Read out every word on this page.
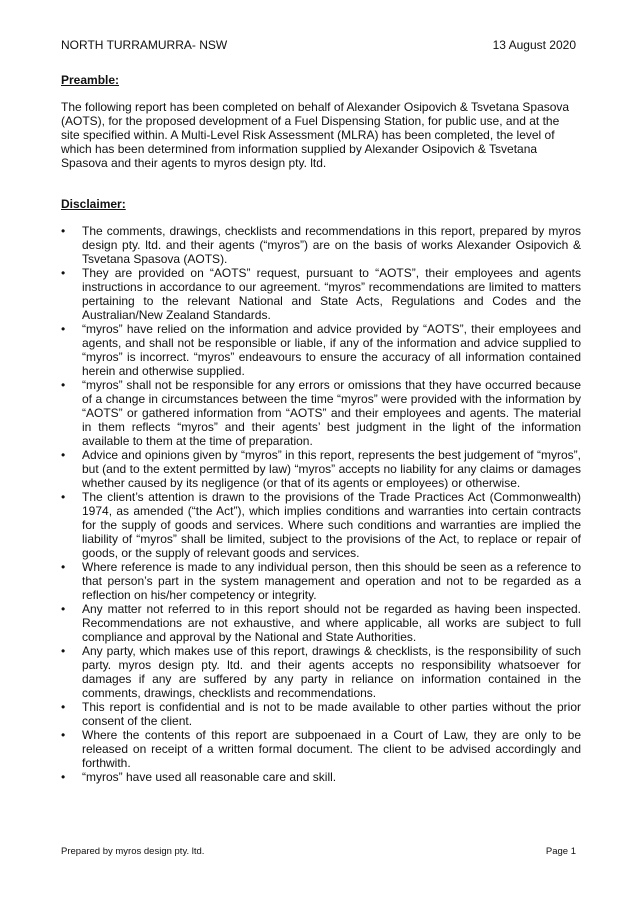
NORTH TURRAMURRA- NSW	13 August 2020
Preamble:
The following report has been completed on behalf of Alexander Osipovich & Tsvetana Spasova (AOTS), for the proposed development of a Fuel Dispensing Station, for public use, and at the site specified within. A Multi-Level Risk Assessment (MLRA) has been completed, the level of which has been determined from information supplied by Alexander Osipovich & Tsvetana Spasova and their agents to myros design pty. ltd.
Disclaimer:
• The comments, drawings, checklists and recommendations in this report, prepared by myros design pty. ltd. and their agents (“myros”) are on the basis of works Alexander Osipovich & Tsvetana Spasova (AOTS).
• They are provided on “AOTS” request, pursuant to “AOTS”, their employees and agents instructions in accordance to our agreement. “myros” recommendations are limited to matters pertaining to the relevant National and State Acts, Regulations and Codes and the Australian/New Zealand Standards.
• “myros” have relied on the information and advice provided by “AOTS”, their employees and agents, and shall not be responsible or liable, if any of the information and advice supplied to “myros” is incorrect. “myros” endeavours to ensure the accuracy of all information contained herein and otherwise supplied.
• “myros” shall not be responsible for any errors or omissions that they have occurred because of a change in circumstances between the time “myros” were provided with the information by “AOTS” or gathered information from “AOTS” and their employees and agents. The material in them reflects “myros” and their agents’ best judgment in the light of the information available to them at the time of preparation.
• Advice and opinions given by “myros” in this report, represents the best judgement of “myros”, but (and to the extent permitted by law) “myros” accepts no liability for any claims or damages whether caused by its negligence (or that of its agents or employees) or otherwise.
• The client’s attention is drawn to the provisions of the Trade Practices Act (Commonwealth) 1974, as amended (“the Act”), which implies conditions and warranties into certain contracts for the supply of goods and services. Where such conditions and warranties are implied the liability of “myros” shall be limited, subject to the provisions of the Act, to replace or repair of goods, or the supply of relevant goods and services.
• Where reference is made to any individual person, then this should be seen as a reference to that person’s part in the system management and operation and not to be regarded as a reflection on his/her competency or integrity.
• Any matter not referred to in this report should not be regarded as having been inspected. Recommendations are not exhaustive, and where applicable, all works are subject to full compliance and approval by the National and State Authorities.
• Any party, which makes use of this report, drawings & checklists, is the responsibility of such party. myros design pty. ltd. and their agents accepts no responsibility whatsoever for damages if any are suffered by any party in reliance on information contained in the comments, drawings, checklists and recommendations.
• This report is confidential and is not to be made available to other parties without the prior consent of the client.
• Where the contents of this report are subpoenaed in a Court of Law, they are only to be released on receipt of a written formal document. The client to be advised accordingly and forthwith.
• “myros” have used all reasonable care and skill.
Prepared by myros design pty. ltd.	Page 1
